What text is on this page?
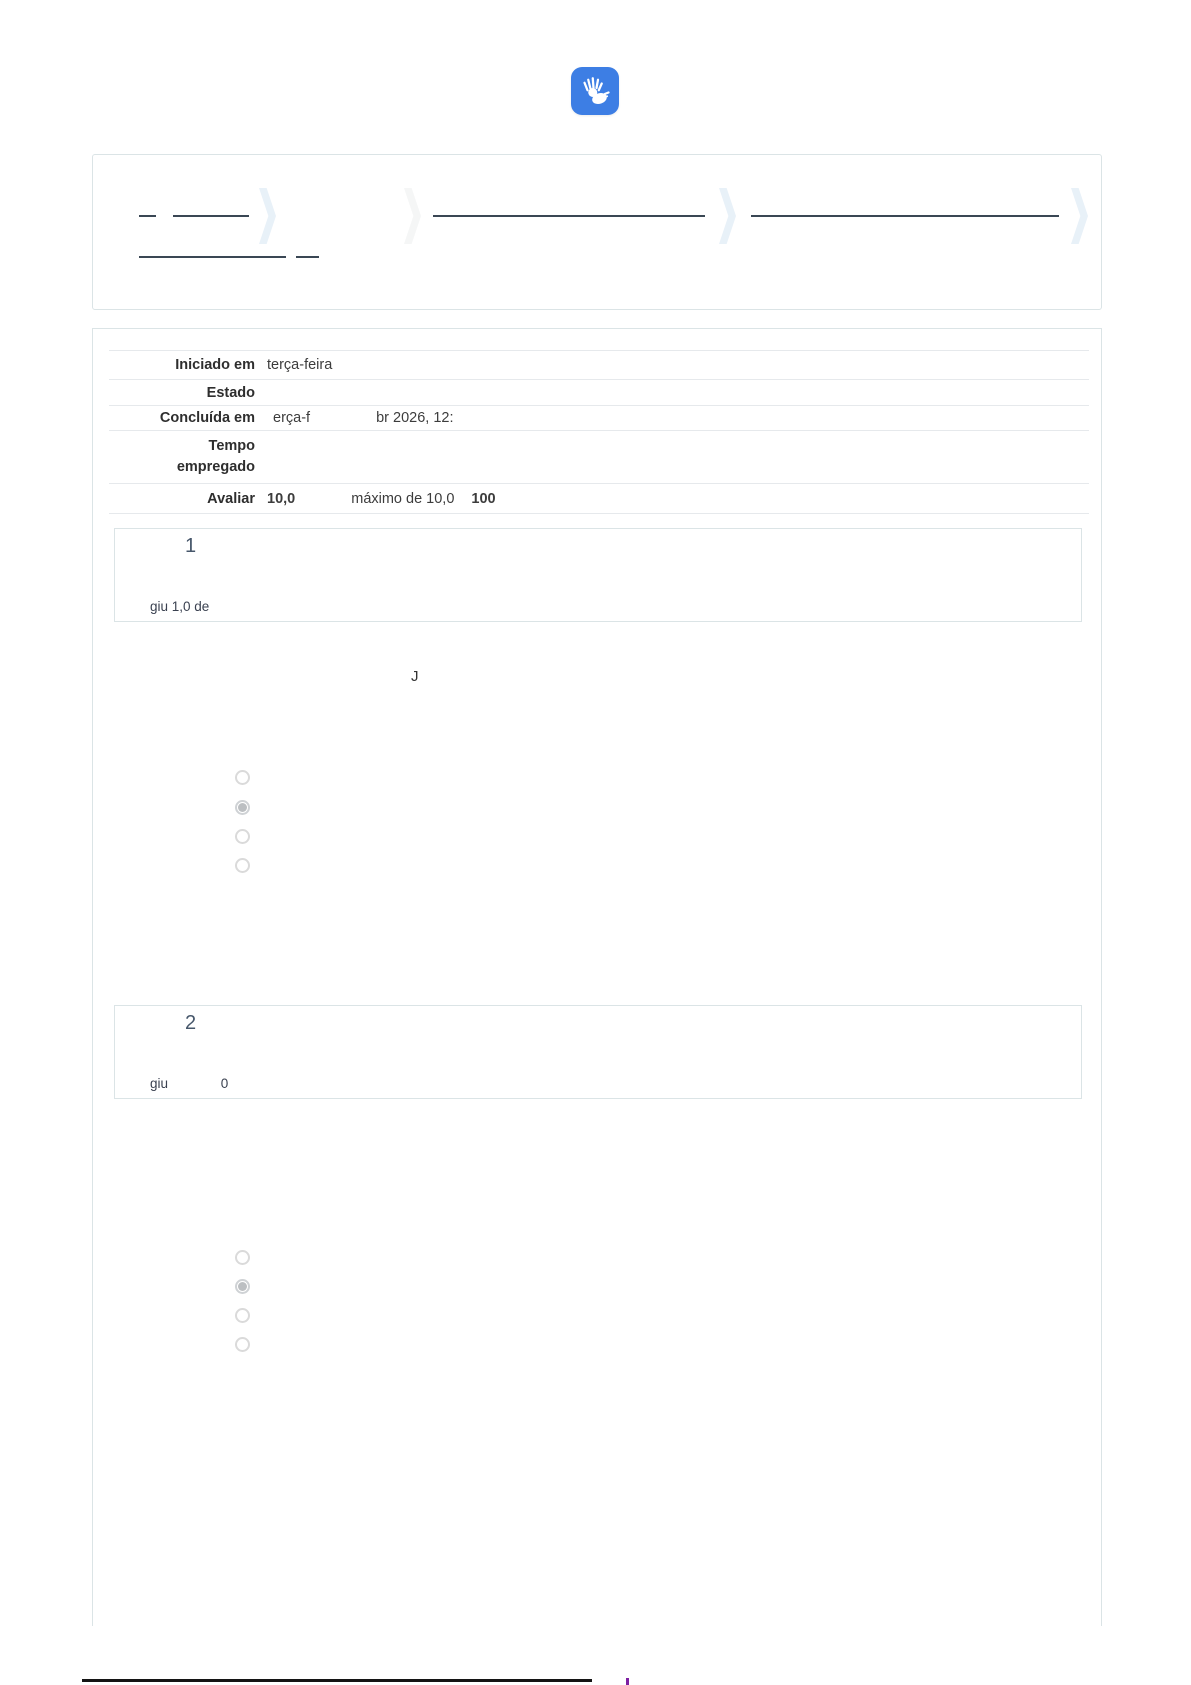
Iniciado em terça-feira
Estado
Concluída em erça-f	br 2026, 12:
Tempo empregado
Avaliar 10,0	máximo de 10,0 100
1
giu 1,0 de
J
2
giu	0
